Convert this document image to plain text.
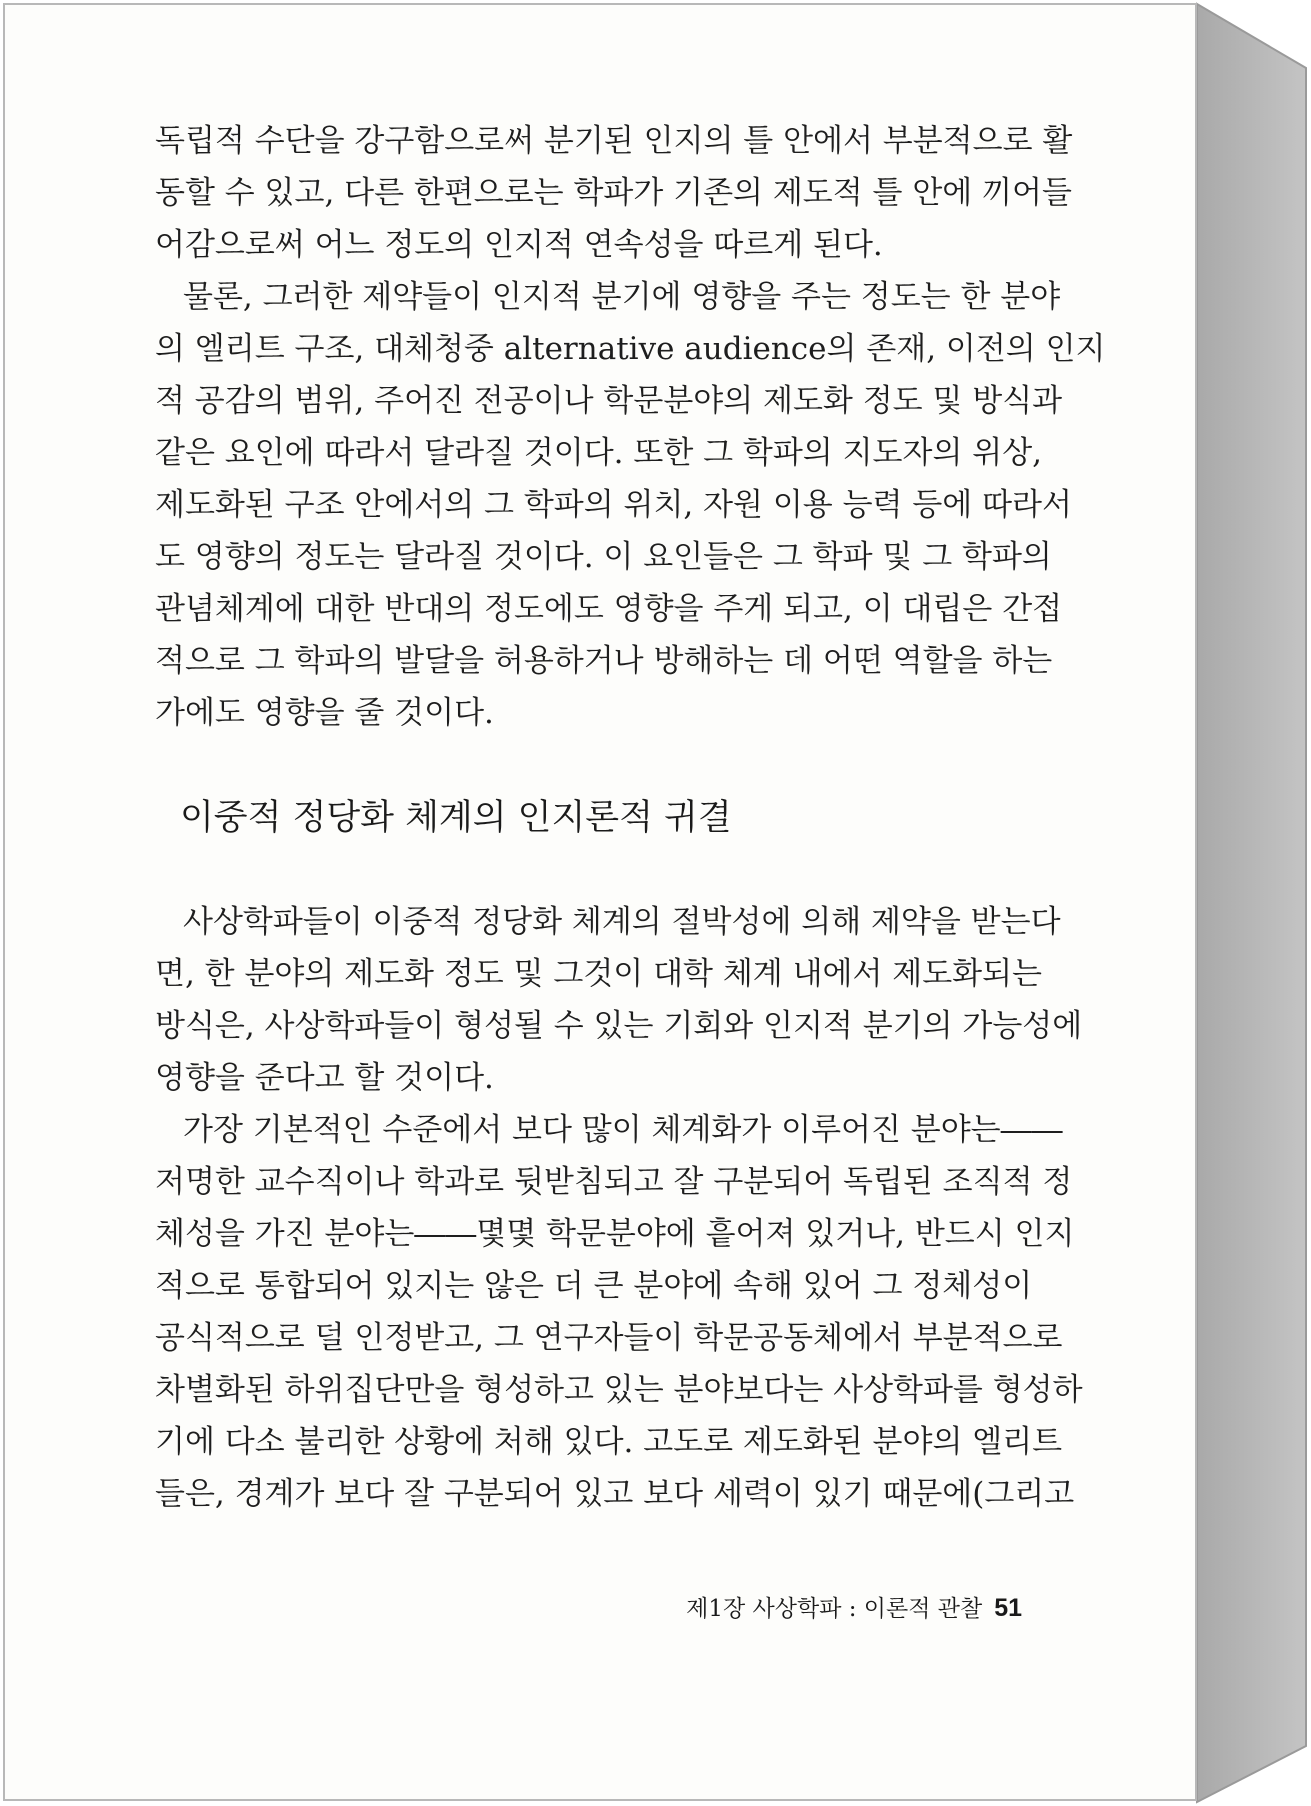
독립적 수단을 강구함으로써 분기된 인지의 틀 안에서 부분적으로 활
동할 수 있고, 다른 한편으로는 학파가 기존의 제도적 틀 안에 끼어들
어감으로써 어느 정도의 인지적 연속성을 따르게 된다.
물론, 그러한 제약들이 인지적 분기에 영향을 주는 정도는 한 분야
의 엘리트 구조, 대체청중 alternative audience의 존재, 이전의 인지
적 공감의 범위, 주어진 전공이나 학문분야의 제도화 정도 및 방식과
같은 요인에 따라서 달라질 것이다. 또한 그 학파의 지도자의 위상,
제도화된 구조 안에서의 그 학파의 위치, 자원 이용 능력 등에 따라서
도 영향의 정도는 달라질 것이다. 이 요인들은 그 학파 및 그 학파의
관념체계에 대한 반대의 정도에도 영향을 주게 되고, 이 대립은 간접
적으로 그 학파의 발달을 허용하거나 방해하는 데 어떤 역할을 하는
가에도 영향을 줄 것이다.
이중적 정당화 체계의 인지론적 귀결
사상학파들이 이중적 정당화 체계의 절박성에 의해 제약을 받는다
면, 한 분야의 제도화 정도 및 그것이 대학 체계 내에서 제도화되는
방식은, 사상학파들이 형성될 수 있는 기회와 인지적 분기의 가능성에
영향을 준다고 할 것이다.
가장 기본적인 수준에서 보다 많이 체계화가 이루어진 분야는――
저명한 교수직이나 학과로 뒷받침되고 잘 구분되어 독립된 조직적 정
체성을 가진 분야는――몇몇 학문분야에 흩어져 있거나, 반드시 인지
적으로 통합되어 있지는 않은 더 큰 분야에 속해 있어 그 정체성이
공식적으로 덜 인정받고, 그 연구자들이 학문공동체에서 부분적으로
차별화된 하위집단만을 형성하고 있는 분야보다는 사상학파를 형성하
기에 다소 불리한 상황에 처해 있다. 고도로 제도화된 분야의 엘리트
들은, 경계가 보다 잘 구분되어 있고 보다 세력이 있기 때문에(그리고
제1장 사상학파 : 이론적 관찰 51
